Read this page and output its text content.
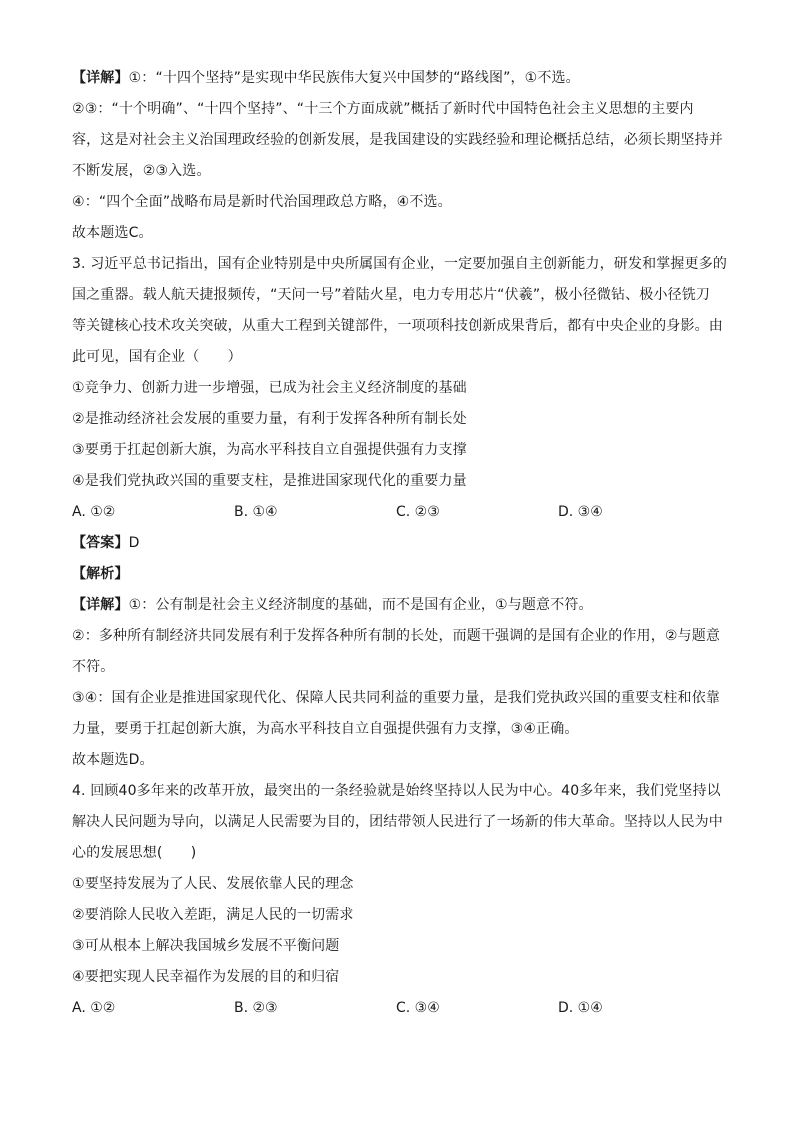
【详解】①：“十四个坚持”是实现中华民族伟大复兴中国梦的“路线图”，①不选。
②③：“十个明确”、“十四个坚持”、“十三个方面成就”概括了新时代中国特色社会主义思想的主要内
容，这是对社会主义治国理政经验的创新发展，是我国建设的实践经验和理论概括总结，必须长期坚持并
不断发展，②③入选。
④：“四个全面”战略布局是新时代治国理政总方略，④不选。
故本题选C。
3. 习近平总书记指出，国有企业特别是中央所属国有企业，一定要加强自主创新能力，研发和掌握更多的
国之重器。载人航天捷报频传，“天问一号”着陆火星，电力专用芯片“伏羲”，极小径微钻、极小径铣刀
等关键核心技术攻关突破，从重大工程到关键部件，一项项科技创新成果背后，都有中央企业的身影。由
此可见，国有企业（　　）
①竞争力、创新力进一步增强，已成为社会主义经济制度的基础
②是推动经济社会发展的重要力量，有利于发挥各种所有制长处
③要勇于扛起创新大旗，为高水平科技自立自强提供强有力支撑
④是我们党执政兴国的重要支柱，是推进国家现代化的重要力量
A. ①②	B. ①④	C. ②③	D. ③④
【答案】D
【解析】
【详解】①：公有制是社会主义经济制度的基础，而不是国有企业，①与题意不符。
②：多种所有制经济共同发展有利于发挥各种所有制的长处，而题干强调的是国有企业的作用，②与题意
不符。
③④：国有企业是推进国家现代化、保障人民共同利益的重要力量，是我们党执政兴国的重要支柱和依靠
力量，要勇于扛起创新大旗，为高水平科技自立自强提供强有力支撑，③④正确。
故本题选D。
4. 回顾40多年来的改革开放，最突出的一条经验就是始终坚持以人民为中心。40多年来，我们党坚持以
解决人民问题为导向，以满足人民需要为目的，团结带领人民进行了一场新的伟大革命。坚持以人民为中
心的发展思想(　　)
①要坚持发展为了人民、发展依靠人民的理念
②要消除人民收入差距，满足人民的一切需求
③可从根本上解决我国城乡发展不平衡问题
④要把实现人民幸福作为发展的目的和归宿
A. ①②	B. ②③	C. ③④	D. ①④
